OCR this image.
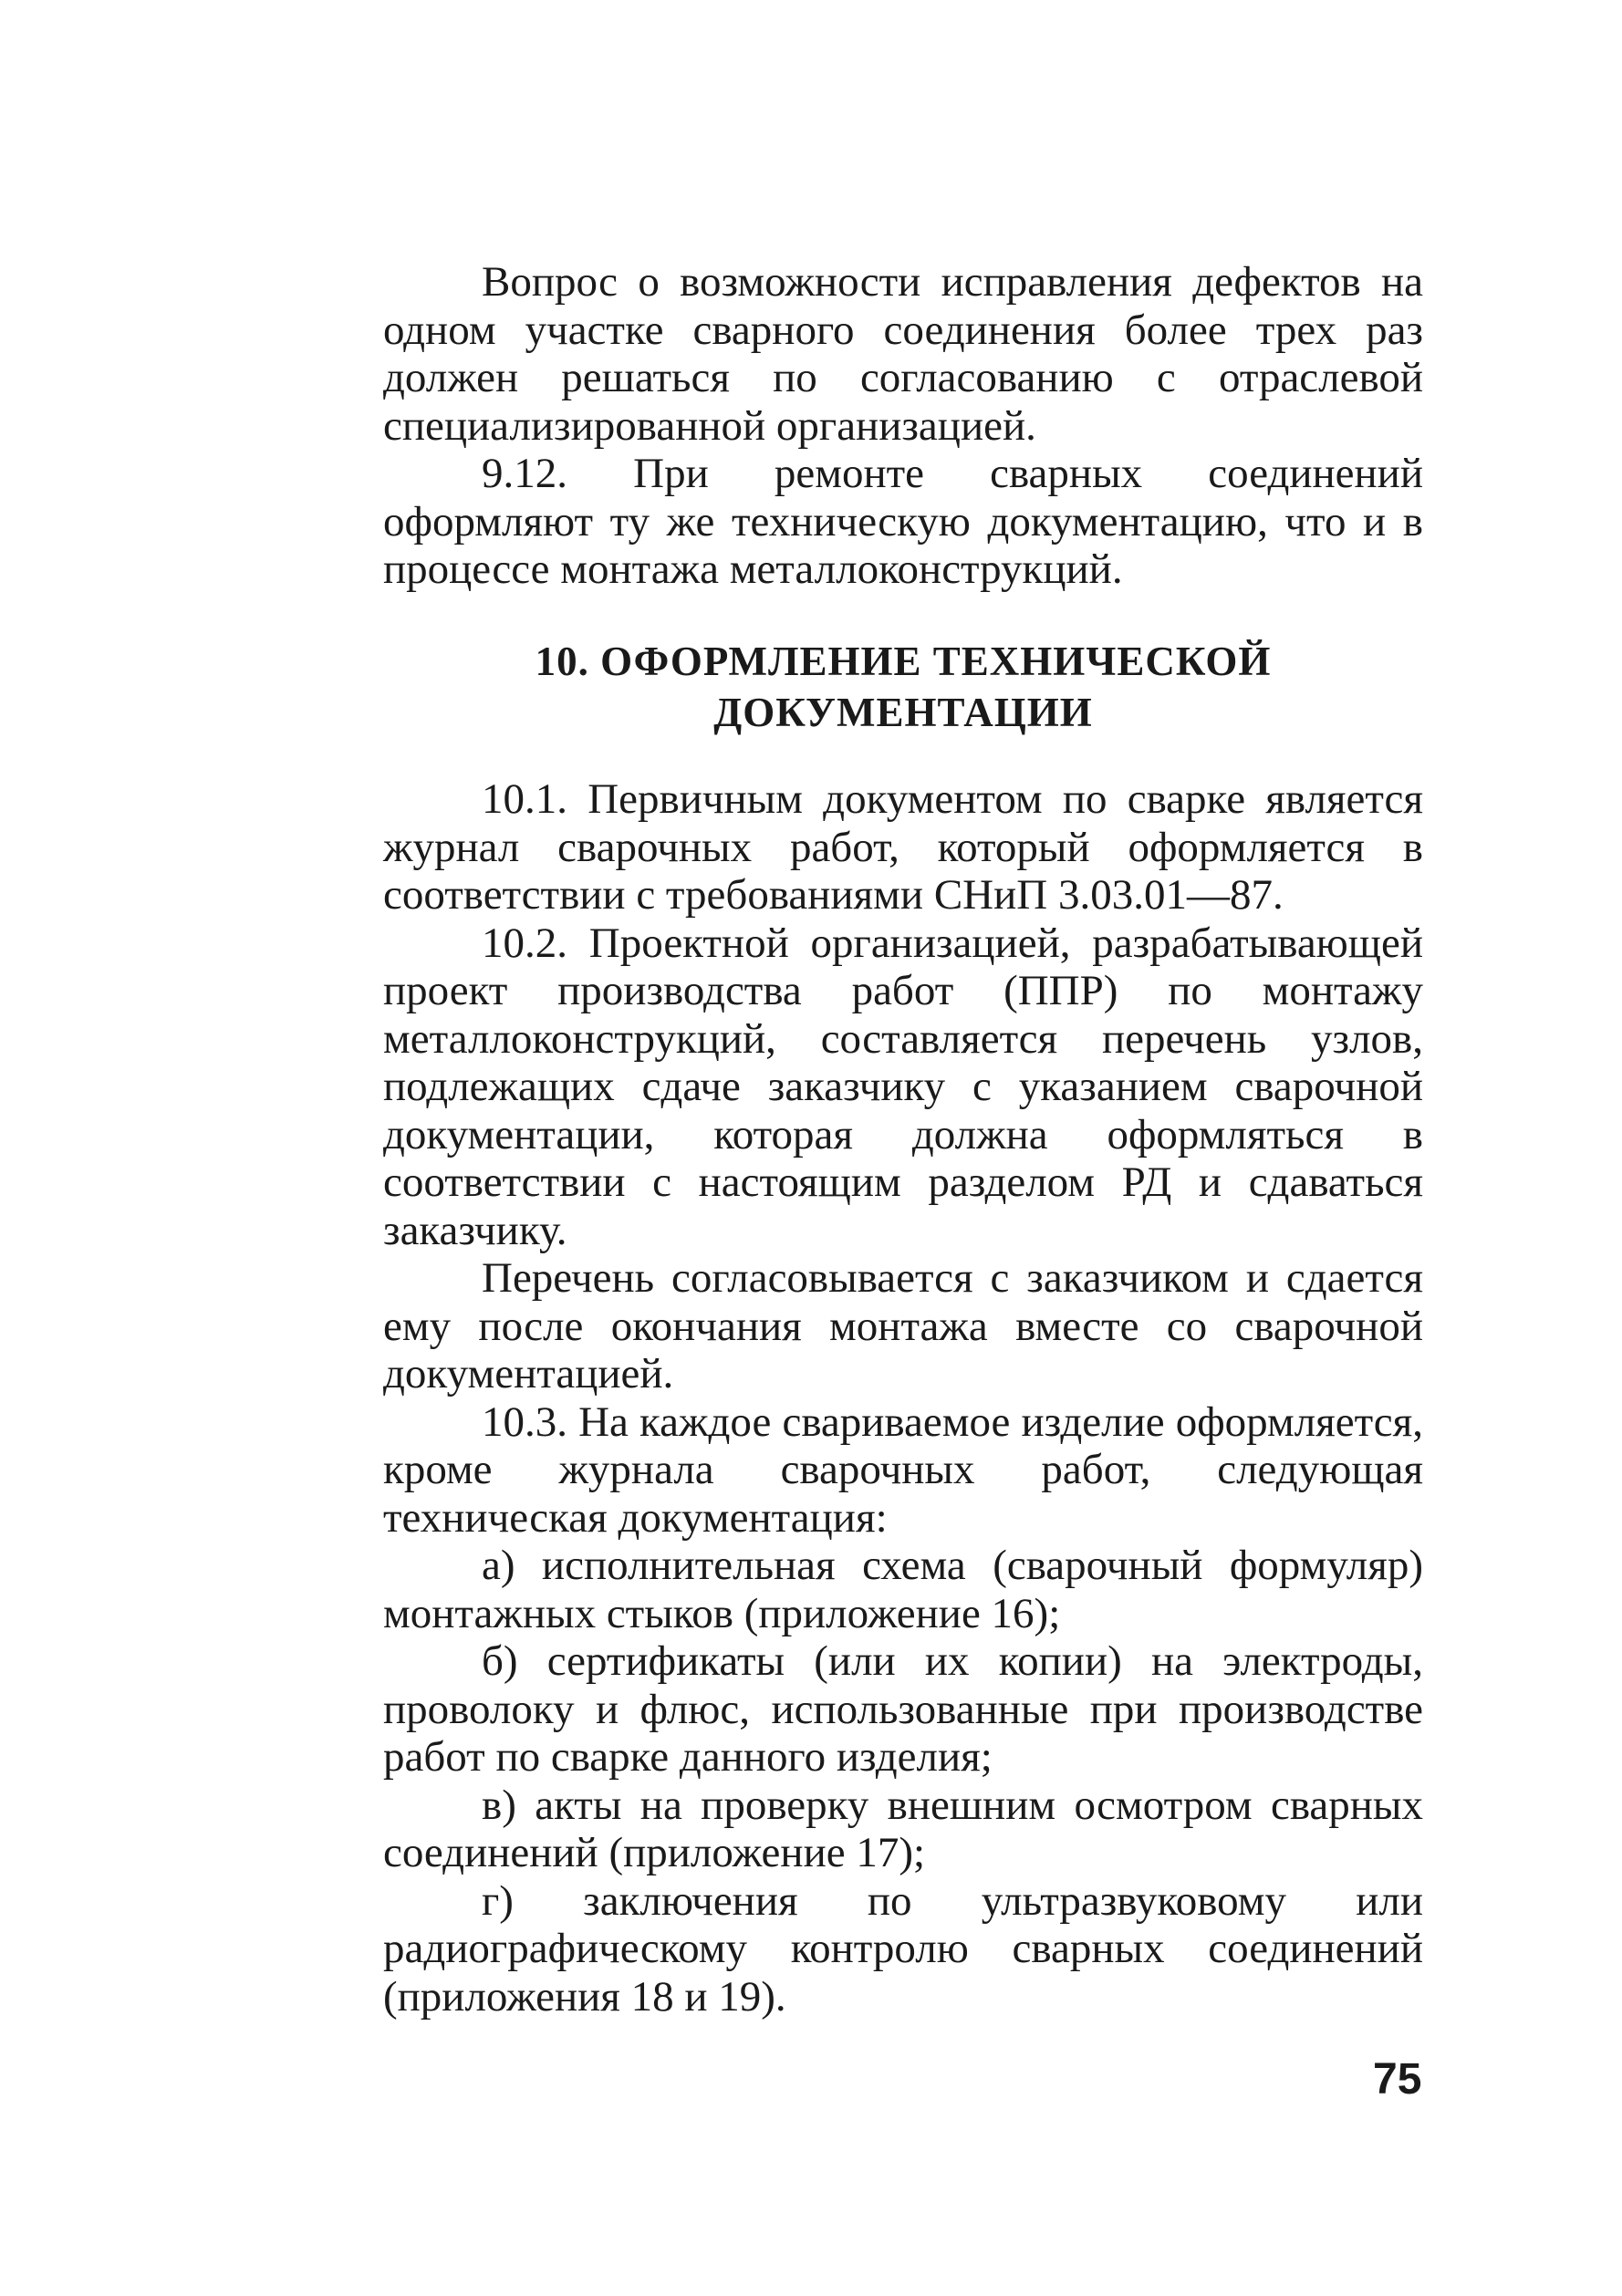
Вопрос о возможности исправления дефектов на одном участке сварного соединения более трех раз должен решаться по согласованию с отраслевой специализированной организацией.

9.12. При ремонте сварных соединений оформляют ту же техническую документацию, что и в процессе монтажа металлоконструкций.

10. ОФОРМЛЕНИЕ ТЕХНИЧЕСКОЙ
ДОКУМЕНТАЦИИ

10.1. Первичным документом по сварке является журнал сварочных работ, который оформляется в соответствии с требованиями СНиП 3.03.01—87.

10.2. Проектной организацией, разрабатывающей проект производства работ (ППР) по монтажу металлоконструкций, составляется перечень узлов, подлежащих сдаче заказчику с указанием сварочной документации, которая должна оформляться в соответствии с настоящим разделом РД и сдаваться заказчику.

Перечень согласовывается с заказчиком и сдается ему после окончания монтажа вместе со сварочной документацией.

10.3. На каждое свариваемое изделие оформляется, кроме журнала сварочных работ, следующая техническая документация:

а) исполнительная схема (сварочный формуляр) монтажных стыков (приложение 16);

б) сертификаты (или их копии) на электроды, проволоку и флюс, использованные при производстве работ по сварке данного изделия;

в) акты на проверку внешним осмотром сварных соединений (приложение 17);

г) заключения по ультразвуковому или радиографическому контролю сварных соединений (приложения 18 и 19).

75
